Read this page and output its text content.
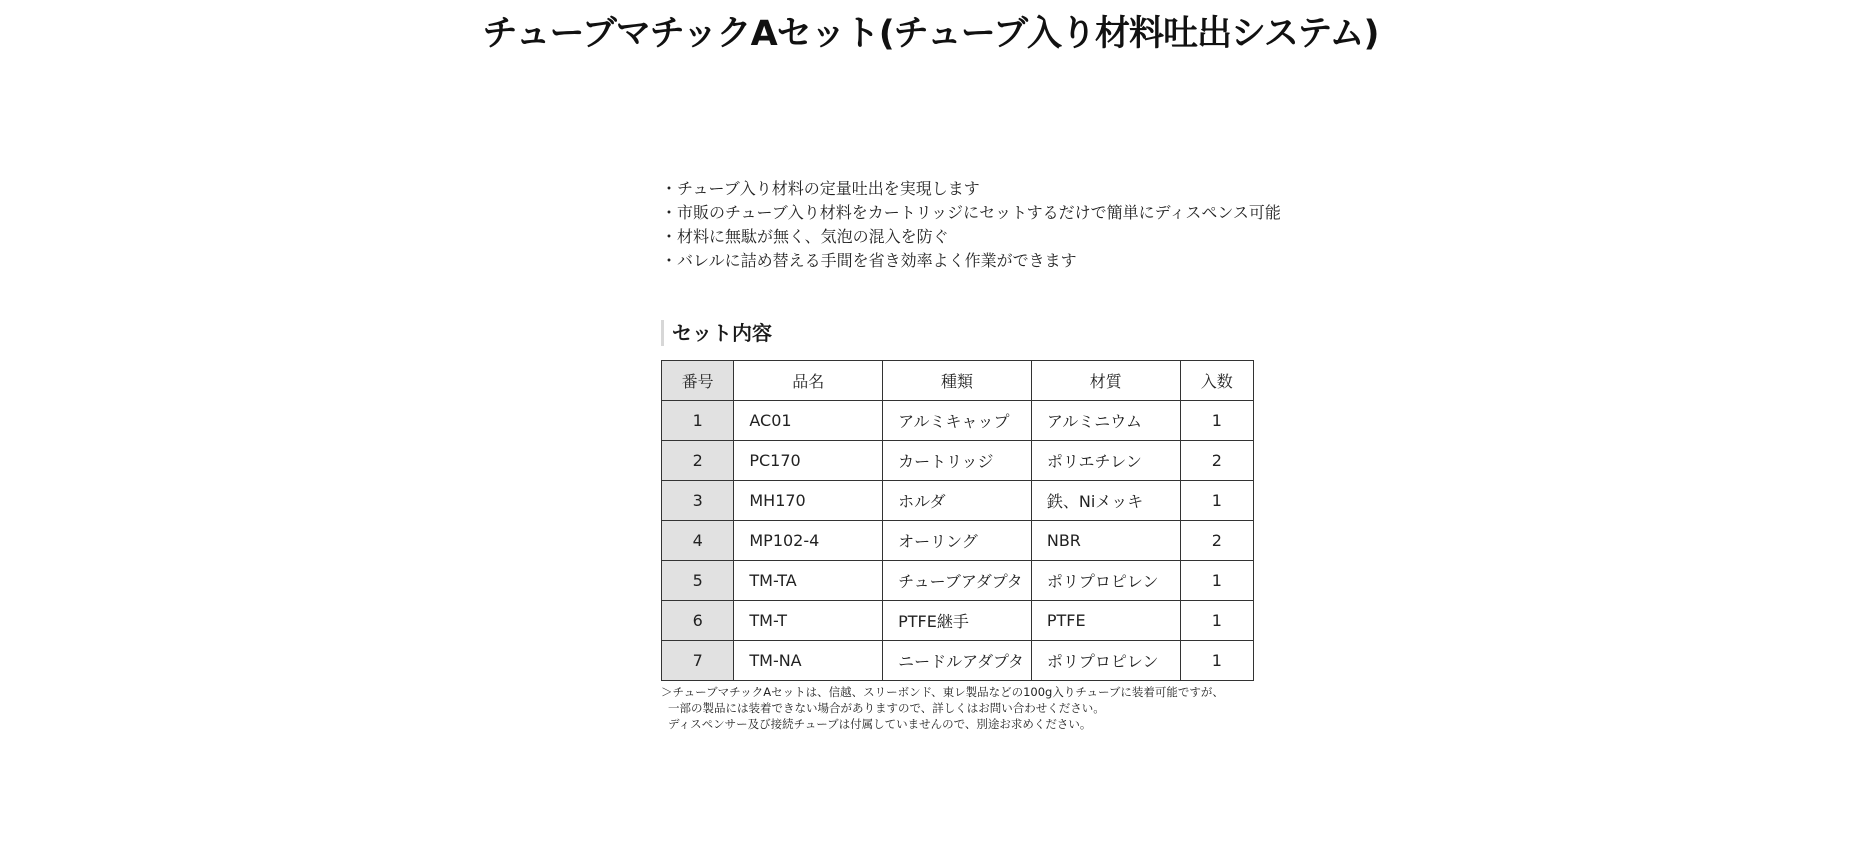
チューブマチックAセット(チューブ入り材料吐出システム)
・チューブ入り材料の定量吐出を実現します
・市販のチューブ入り材料をカートリッジにセットするだけで簡単にディスペンス可能
・材料に無駄が無く、気泡の混入を防ぐ
・バレルに詰め替える手間を省き効率よく作業ができます
セット内容
番号	品名	種類	材質	入数
1	AC01	アルミキャップ	アルミニウム	1
2	PC170	カートリッジ	ポリエチレン	2
3	MH170	ホルダ	鉄、Niメッキ	1
4	MP102-4	オーリング	NBR	2
5	TM-TA	チューブアダプタ	ポリプロピレン	1
6	TM-T	PTFE継手	PTFE	1
7	TM-NA	ニードルアダプタ	ポリプロピレン	1
＞チューブマチックAセットは、信越、スリーボンド、東レ製品などの100g入りチューブに装着可能ですが、
一部の製品には装着できない場合がありますので、詳しくはお問い合わせください。
ディスペンサー及び接続チューブは付属していませんので、別途お求めください。
